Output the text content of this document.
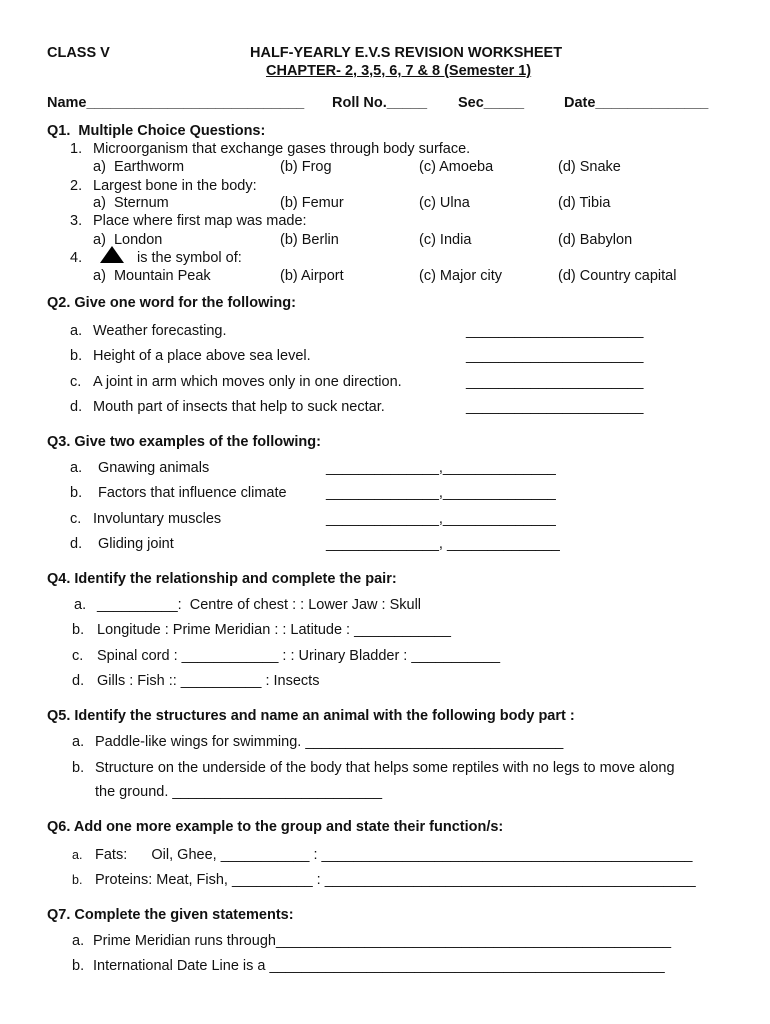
CLASS V	HALF-YEARLY E.V.S REVISION WORKSHEET
CHAPTER- 2, 3,5, 6, 7 & 8 (Semester 1)
Name___________________________ Roll No._____ Sec_____	Date______________
Q1.  Multiple Choice Questions:
1. Microorganism that exchange gases through body surface.
a)  Earthworm	(b) Frog	(c) Amoeba	(d) Snake
2. Largest bone in the body:
a)  Sternum	(b) Femur	(c) Ulna	(d) Tibia
3. Place where first map was made:
a)  London	(b) Berlin	(c) India	(d) Babylon
4.	is the symbol of:
a)  Mountain Peak	(b) Airport	(c) Major city	(d) Country capital
Q2. Give one word for the following:
a. Weather forecasting.	______________________
b. Height of a place above sea level.	______________________
c. A joint in arm which moves only in one direction.	______________________
d. Mouth part of insects that help to suck nectar.	______________________
Q3. Give two examples of the following:
a. Gnawing animals	______________,______________
b. Factors that influence climate	______________,______________
c. Involuntary muscles	______________,______________
d. Gliding joint	______________, ______________
Q4. Identify the relationship and complete the pair:
a. __________:  Centre of chest : : Lower Jaw : Skull
b. Longitude : Prime Meridian : : Latitude : ____________
c. Spinal cord : ____________ : : Urinary Bladder : ___________
d. Gills : Fish :: __________ : Insects
Q5. Identify the structures and name an animal with the following body part :
a. Paddle-like wings for swimming. ________________________________
b. Structure on the underside of the body that helps some reptiles with no legs to move along
the ground. __________________________
Q6. Add one more example to the group and state their function/s:
a. Fats:      Oil, Ghee, ___________ : ______________________________________________
b. Proteins: Meat, Fish, __________ : ______________________________________________
Q7. Complete the given statements:
a. Prime Meridian runs through_________________________________________________
b. International Date Line is a _________________________________________________
